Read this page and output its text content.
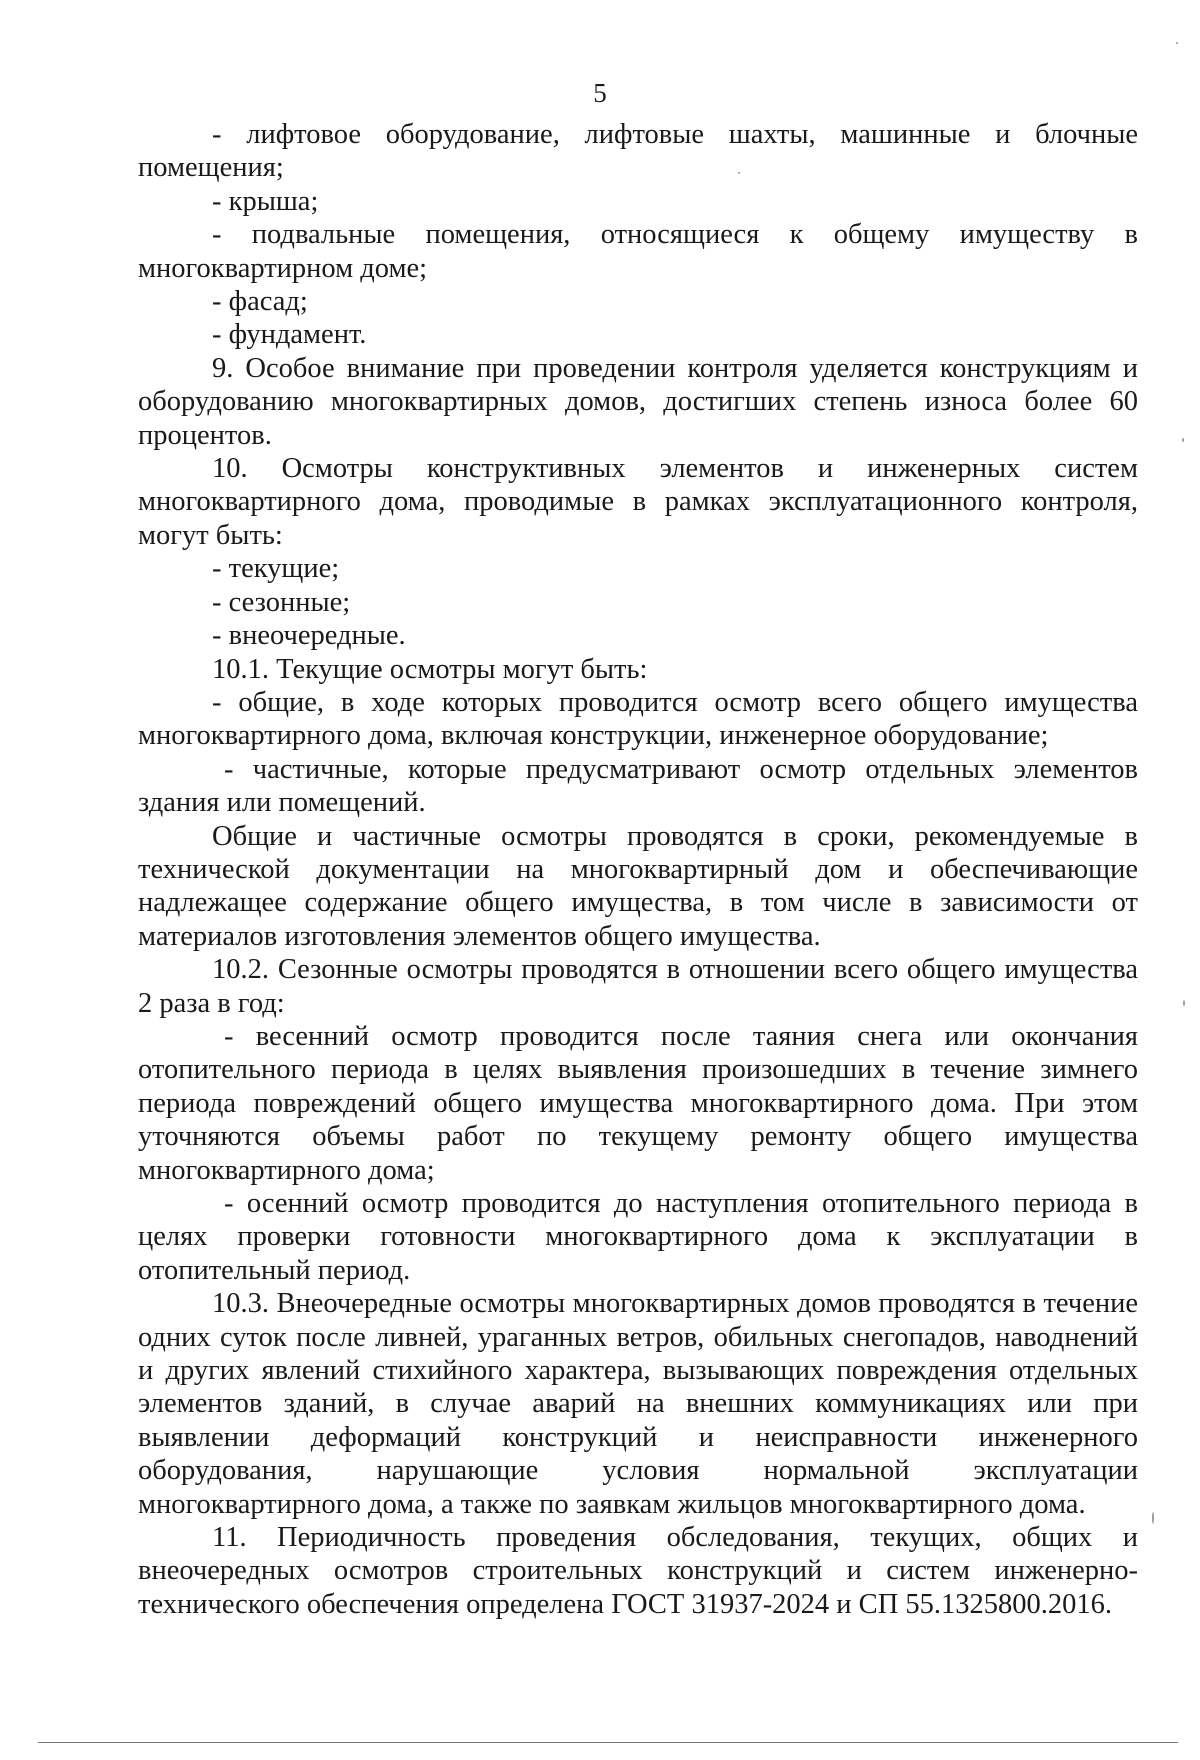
5

- лифтовое оборудование, лифтовые шахты, машинные и блочные помещения;

- крыша;

- подвальные помещения, относящиеся к общему имуществу в многоквартирном доме;

- фасад;

- фундамент.

9. Особое внимание при проведении контроля уделяется конструкциям и оборудованию многоквартирных домов, достигших степень износа более 60 процентов.

10. Осмотры конструктивных элементов и инженерных систем многоквартирного дома, проводимые в рамках эксплуатационного контроля, могут быть:

- текущие;

- сезонные;

- внеочередные.

10.1. Текущие осмотры могут быть:

- общие, в ходе которых проводится осмотр всего общего имущества многоквартирного дома, включая конструкции, инженерное оборудование;

- частичные, которые предусматривают осмотр отдельных элементов здания или помещений.

Общие и частичные осмотры проводятся в сроки, рекомендуемые в технической документации на многоквартирный дом и обеспечивающие надлежащее содержание общего имущества, в том числе в зависимости от материалов изготовления элементов общего имущества.

10.2. Сезонные осмотры проводятся в отношении всего общего имущества 2 раза в год:

- весенний осмотр проводится после таяния снега или окончания отопительного периода в целях выявления произошедших в течение зимнего периода повреждений общего имущества многоквартирного дома. При этом уточняются объемы работ по текущему ремонту общего имущества многоквартирного дома;

- осенний осмотр проводится до наступления отопительного периода в целях проверки готовности многоквартирного дома к эксплуатации в отопительный период.

10.3. Внеочередные осмотры многоквартирных домов проводятся в течение одних суток после ливней, ураганных ветров, обильных снегопадов, наводнений и других явлений стихийного характера, вызывающих повреждения отдельных элементов зданий, в случае аварий на внешних коммуникациях или при выявлении деформаций конструкций и неисправности инженерного оборудования, нарушающие условия нормальной эксплуатации многоквартирного дома, а также по заявкам жильцов многоквартирного дома.

11. Периодичность проведения обследования, текущих, общих и внеочередных осмотров строительных конструкций и систем инженерно-технического обеспечения определена ГОСТ 31937-2024 и СП 55.1325800.2016.
